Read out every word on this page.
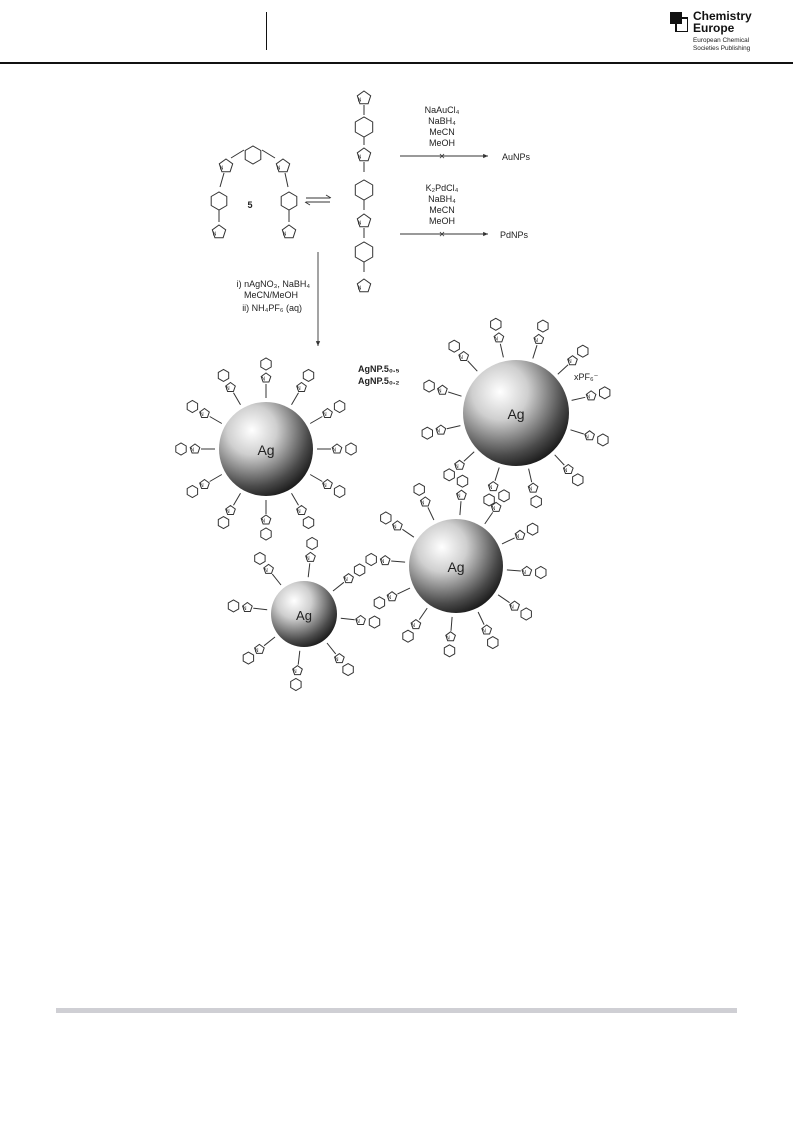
Chemistry
Europe
European Chemical
Societies Publishing
N	N
N	N
N
N
N
N
N
N
N
N
N
N
N
N
N
N
N
N
N
N
N
N
N
N
N
N
N	N
N
N
N
N
N
N
N
N
N
N
N
N
N
N
N
N
N
N
N
N
N
N
5
✕
NaAuCl₄
NaBH₄
MeCN
MeOH
AuNPs
✕
K₂PdCl₄
NaBH₄
MeCN
MeOH
PdNPs
i) nAgNO₃, NaBH₄
MeCN/MeOH
ii) NH₄PF₆ (aq)
AgNP.5₀.₅
AgNP.5₀.₂	xPF₆⁻
Ag
Ag
Ag
Ag
